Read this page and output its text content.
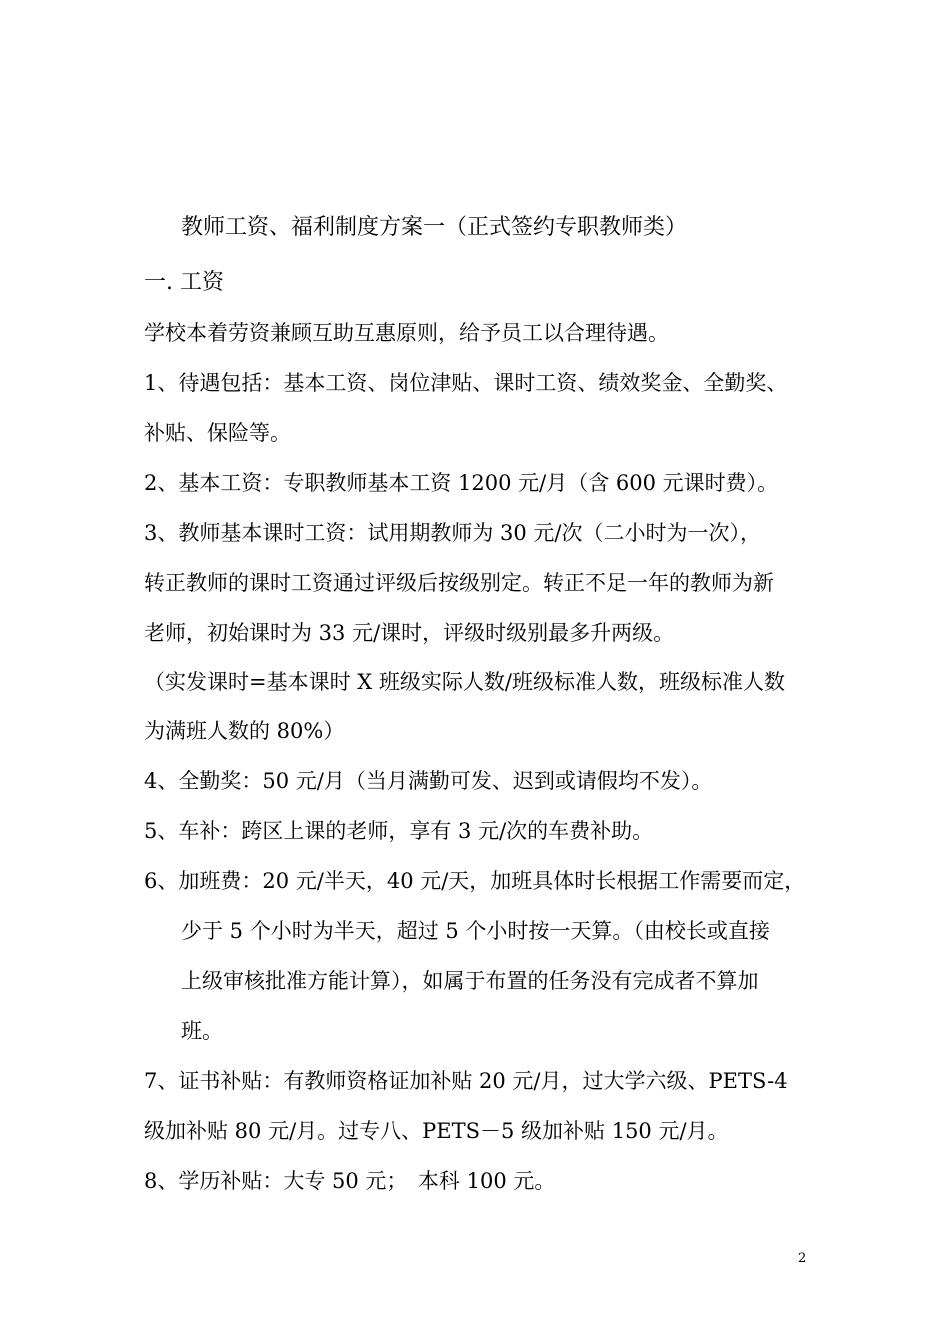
教师工资、福利制度方案一（正式签约专职教师类）
一. 工资
学校本着劳资兼顾互助互惠原则，给予员工以合理待遇。
1、待遇包括：基本工资、岗位津贴、课时工资、绩效奖金、全勤奖、
补贴、保险等。
2、基本工资：专职教师基本工资 1200 元/月（含 600 元课时费）。
3、教师基本课时工资：试用期教师为 30 元/次（二小时为一次），
转正教师的课时工资通过评级后按级别定。转正不足一年的教师为新
老师，初始课时为 33 元/课时，评级时级别最多升两级。
（实发课时=基本课时 X 班级实际人数/班级标准人数，班级标准人数
为满班人数的 80%）
4、全勤奖：50 元/月（当月满勤可发、迟到或请假均不发）。
5、车补：跨区上课的老师，享有 3 元/次的车费补助。
6、加班费：20 元/半天，40 元/天，加班具体时长根据工作需要而定，
少于 5 个小时为半天，超过 5 个小时按一天算。（由校长或直接
上级审核批准方能计算），如属于布置的任务没有完成者不算加
班。
7、证书补贴：有教师资格证加补贴 20 元/月，过大学六级、PETS-4
级加补贴 80 元/月。过专八、PETS－5 级加补贴 150 元/月。
8、学历补贴：大专 50 元；　本科 100 元。
2
